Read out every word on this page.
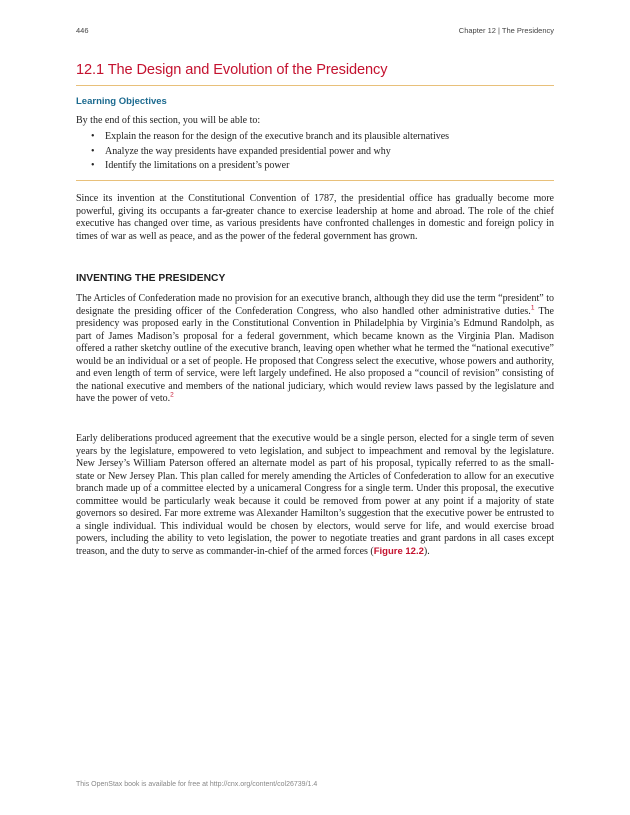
446	Chapter 12 | The Presidency
12.1 The Design and Evolution of the Presidency
Learning Objectives

By the end of this section, you will be able to:

• Explain the reason for the design of the executive branch and its plausible alternatives
• Analyze the way presidents have expanded presidential power and why
• Identify the limitations on a president’s power

Since its invention at the Constitutional Convention of 1787, the presidential office has gradually become more powerful, giving its occupants a far-greater chance to exercise leadership at home and abroad. The role of the chief executive has changed over time, as various presidents have confronted challenges in domestic and foreign policy in times of war as well as peace, and as the power of the federal government has grown.

INVENTING THE PRESIDENCY

The Articles of Confederation made no provision for an executive branch, although they did use the term “president” to designate the presiding officer of the Confederation Congress, who also handled other administrative duties.$^1$ The presidency was proposed early in the Constitutional Convention in Philadelphia by Virginia’s Edmund Randolph, as part of James Madison’s proposal for a federal government, which became known as the Virginia Plan. Madison offered a rather sketchy outline of the executive branch, leaving open whether what he termed the “national executive” would be an individual or a set of people. He proposed that Congress select the executive, whose powers and authority, and even length of term of service, were left largely undefined. He also proposed a “council of revision” consisting of the national executive and members of the national judiciary, which would review laws passed by the legislature and have the power of veto.$^2$

Early deliberations produced agreement that the executive would be a single person, elected for a single term of seven years by the legislature, empowered to veto legislation, and subject to impeachment and removal by the legislature. New Jersey’s William Paterson offered an alternate model as part of his proposal, typically referred to as the small-state or New Jersey Plan. This plan called for merely amending the Articles of Confederation to allow for an executive branch made up of a committee elected by a unicameral Congress for a single term. Under this proposal, the executive committee would be particularly weak because it could be removed from power at any point if a majority of state governors so desired. Far more extreme was Alexander Hamilton’s suggestion that the executive power be entrusted to a single individual. This individual would be chosen by electors, would serve for life, and would exercise broad powers, including the ability to veto legislation, the power to negotiate treaties and grant pardons in all cases except treason, and the duty to serve as commander-in-chief of the armed forces (Figure 12.2).

This OpenStax book is available for free at http://cnx.org/content/col26739/1.4
